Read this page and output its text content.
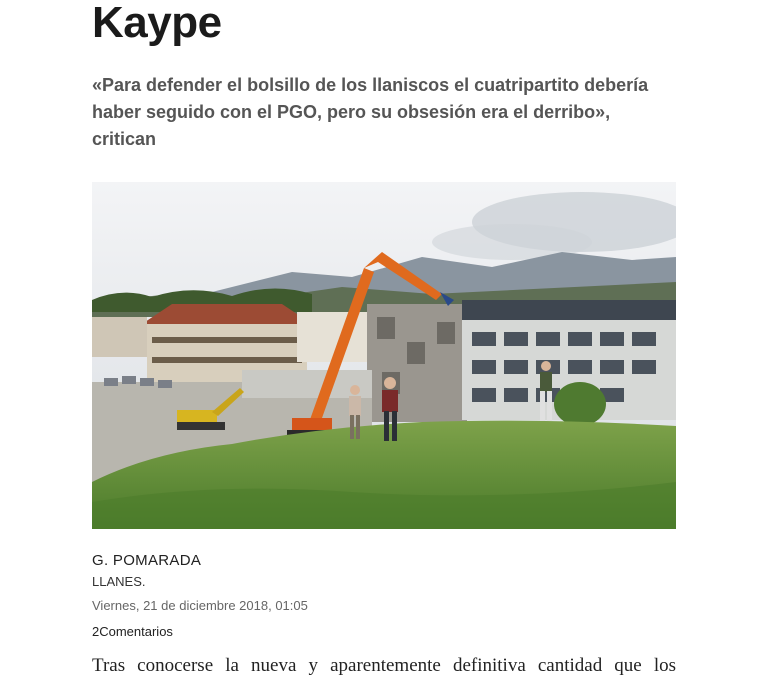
Kaype

«Para defender el bolsillo de los llaniscos el cuatripartito debería haber seguido con el PGO, pero su obsesión era el derribo», critican

G. POMARADA
LLANES.
Viernes, 21 de diciembre 2018, 01:05
2Comentarios
Tras conocerse la nueva y aparentemente definitiva cantidad que los
